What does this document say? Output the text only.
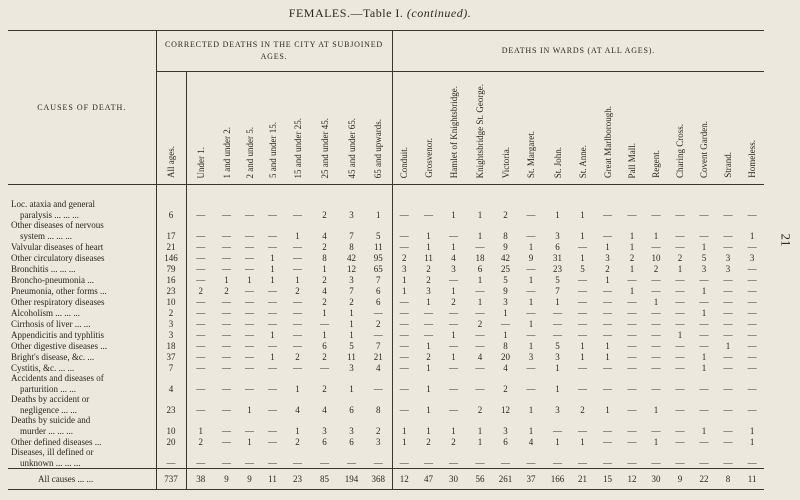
FEMALES.—Table I. (continued).
21
CAUSES OF DEATH.	CORRECTED DEATHS IN THE CITY AT SUBJOINED AGES.									DEATHS IN WARDS (AT ALL AGES).														

	All ages.	Under 1.	1 and under 2.	2 and under 5.	5 and under 15.	15 and under 25.	25 and under 45.	45 and under 65.	65 and upwards.	Conduit.	Grosvenor.	Hamlet of Knightsbridge.	Knightsbridge St. George.	Victoria.	St. Margaret.	St. John.	St. Anne.	Great Marlborough.	Pall Mall.	Regent.	Charing Cross.	Covent Garden.	Strand.	Homeless.

Loc. ataxia and general
paralysis ... ... ...	6	—	—	—	—	—	2	3	1	—	—	1	1	2	—	1	1	—	—	—	—	—	—	—

Other diseases of nervous
system ... ... ...	17	—	—	—	—	1	4	7	5	—	1	—	1	8	—	3	1	—	1	1	—	—	—	1

Valvular diseases of heart	21	—	—	—	—	—	2	8	11	—	1	1	—	9	1	6	—	1	1	—	—	1	—	—

Other circulatory diseases	146	—	—	—	1	—	8	42	95	2	11	4	18	42	9	31	1	3	2	10	2	5	3	3

Bronchitis ... ... ...	79	—	—	—	1	—	1	12	65	3	2	3	6	25	—	23	5	2	1	2	1	3	3	—

Broncho-pneumonia ...	16	—	1	1	1	1	2	3	7	1	2	—	1	5	1	5	—	1	—	—	—	—	—	—

Pneumonia, other forms ...	23	2	2	—	—	2	4	7	6	1	3	1	—	9	—	7	—	—	1	—	—	1	—	—

Other respiratory diseases	10	—	—	—	—	—	2	2	6	—	1	2	1	3	1	1	—	—	—	1	—	—	—	—

Alcoholism ... ... ...	2	—	—	—	—	—	1	1	—	—	—	—	—	1	—	—	—	—	—	—	—	1	—	—

Cirrhosis of liver ... ...	3	—	—	—	—	—	—	1	2	—	—	—	2	—	1	—	—	—	—	—	—	—	—	—

Appendicitis and typhlitis	3	—	—	—	1	—	1	1	—	—	—	1	—	1	—	—	—	—	—	—	1	—	—	—

Other digestive diseases ...	18	—	—	—	—	—	6	5	7	—	1	—	—	8	1	5	1	1	—	—	—	—	1	—

Bright's disease, &c. ...	37	—	—	—	1	2	2	11	21	—	2	1	4	20	3	3	1	1	—	—	—	1	—	—

Cystitis, &c. ... ...	7	—	—	—	—	—	—	3	4	—	1	—	—	4	—	1	—	—	—	—	—	1	—	—

Accidents and diseases of
parturition ... ...	4	—	—	—	—	1	2	1	—	—	1	—	—	2	—	1	—	—	—	—	—	—	—	—

Deaths by accident or
negligence ... ...	23	—	—	1	—	4	4	6	8	—	1	—	2	12	1	3	2	1	—	1	—	—	—	—

Deaths by suicide and
murder ... ... ...	10	1	—	—	—	1	3	3	2	1	1	1	1	3	1	—	—	—	—	—	—	1	—	1

Other defined diseases ...	20	2	—	1	—	2	6	6	3	1	2	2	1	6	4	1	1	—	—	1	—	—	—	1

Diseases, ill defined or
unknown ... ... ...	—	—	—	—	—	—	—	—	—	—	—	—	—	—	—	—	—	—	—	—	—	—	—	—
All causes ... ...	737	38	9	9	11	23	85	194	368	12	47	30	56	261	37	166	21	15	12	30	9	22	8	11
